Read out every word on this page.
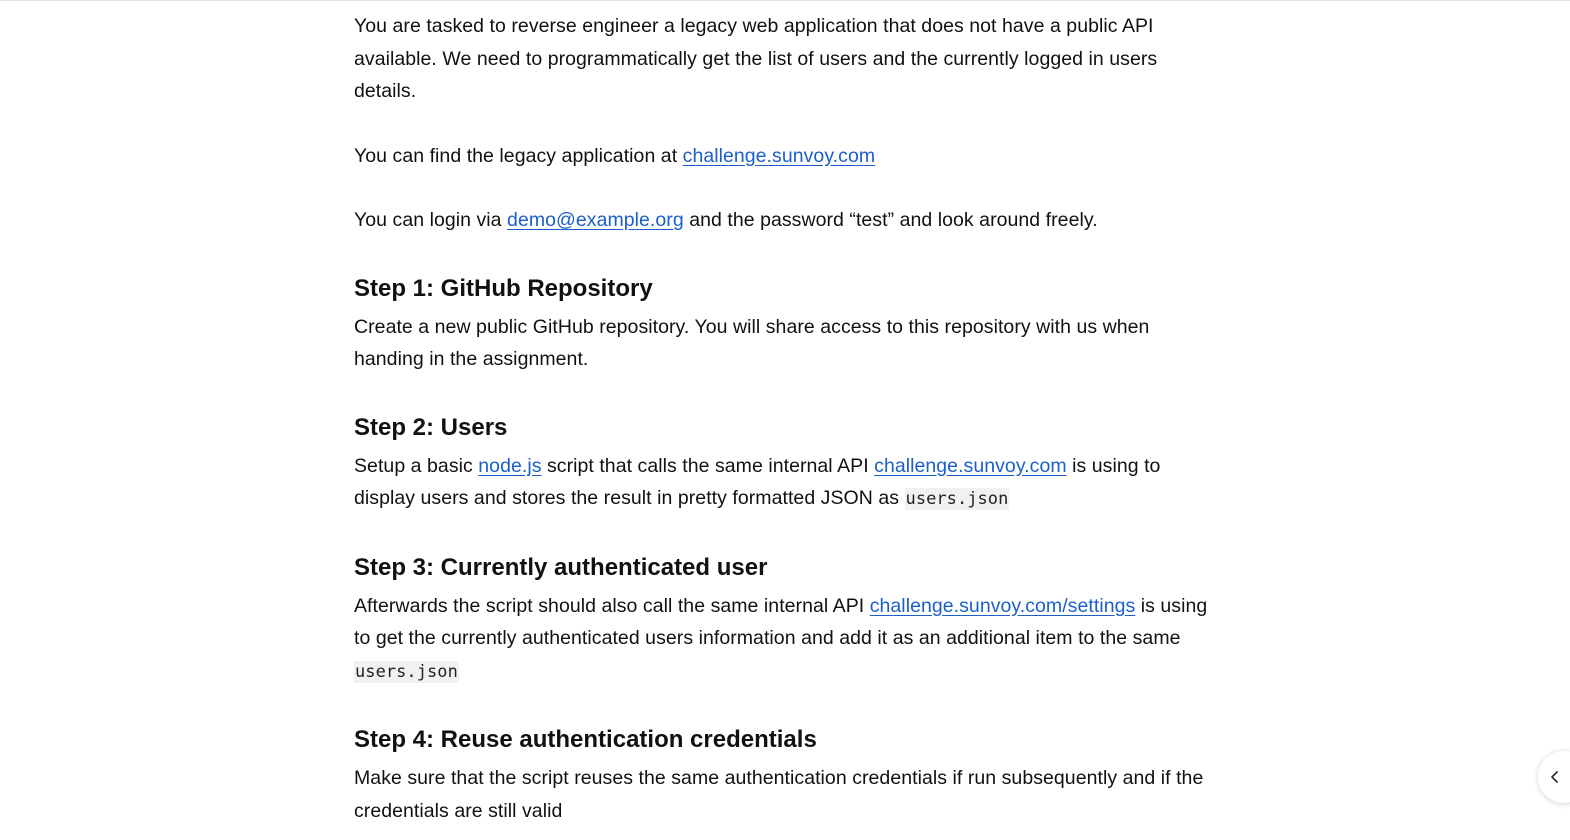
You are tasked to reverse engineer a legacy web application that does not have a public API available. We need to programmatically get the list of users and the currently logged in users details.

You can find the legacy application at challenge.sunvoy.com

You can login via demo@example.org and the password “test” and look around freely.

Step 1: GitHub Repository

Create a new public GitHub repository. You will share access to this repository with us when handing in the assignment.

Step 2: Users

Setup a basic node.js script that calls the same internal API challenge.sunvoy.com is using to display users and stores the result in pretty formatted JSON as users.json

Step 3: Currently authenticated user

Afterwards the script should also call the same internal API challenge.sunvoy.com/settings is using to get the currently authenticated users information and add it as an additional item to the same users.json

Step 4: Reuse authentication credentials

Make sure that the script reuses the same authentication credentials if run subsequently and if the credentials are still valid
